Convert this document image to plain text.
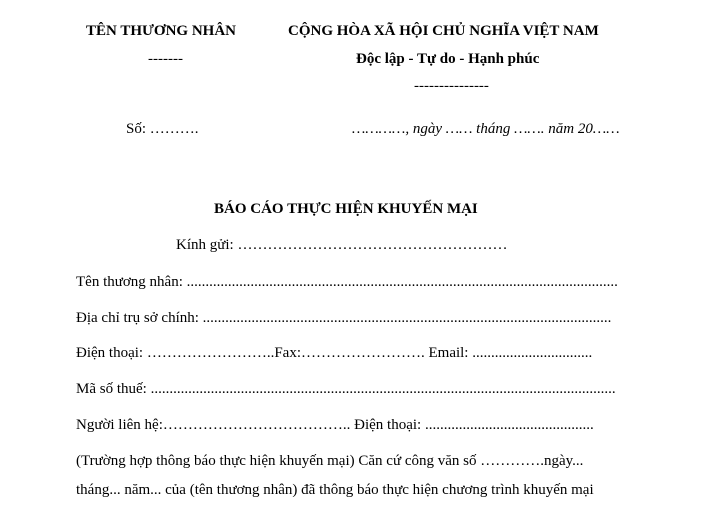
TÊN THƯƠNG NHÂN
-------
CỘNG HÒA XÃ HỘI CHỦ NGHĨA VIỆT NAM
Độc lập - Tự do - Hạnh phúc
---------------
Số: ……….	…………, ngày …… tháng ……. năm 20……
BÁO CÁO THỰC HIỆN KHUYẾN MẠI
Kính gửi: ………………………………………………
Tên thương nhân: ...................................................................................................................
Địa chỉ trụ sở chính: .............................................................................................................
Điện thoại: ……………………..Fax:……………………. Email: ................................
Mã số thuế: ............................................................................................................................
Người liên hệ:……………………………….. Điện thoại: .............................................
(Trường hợp thông báo thực hiện khuyến mại) Căn cứ công văn số ………….ngày...
tháng... năm... của (tên thương nhân) đã thông báo thực hiện chương trình khuyến mại
